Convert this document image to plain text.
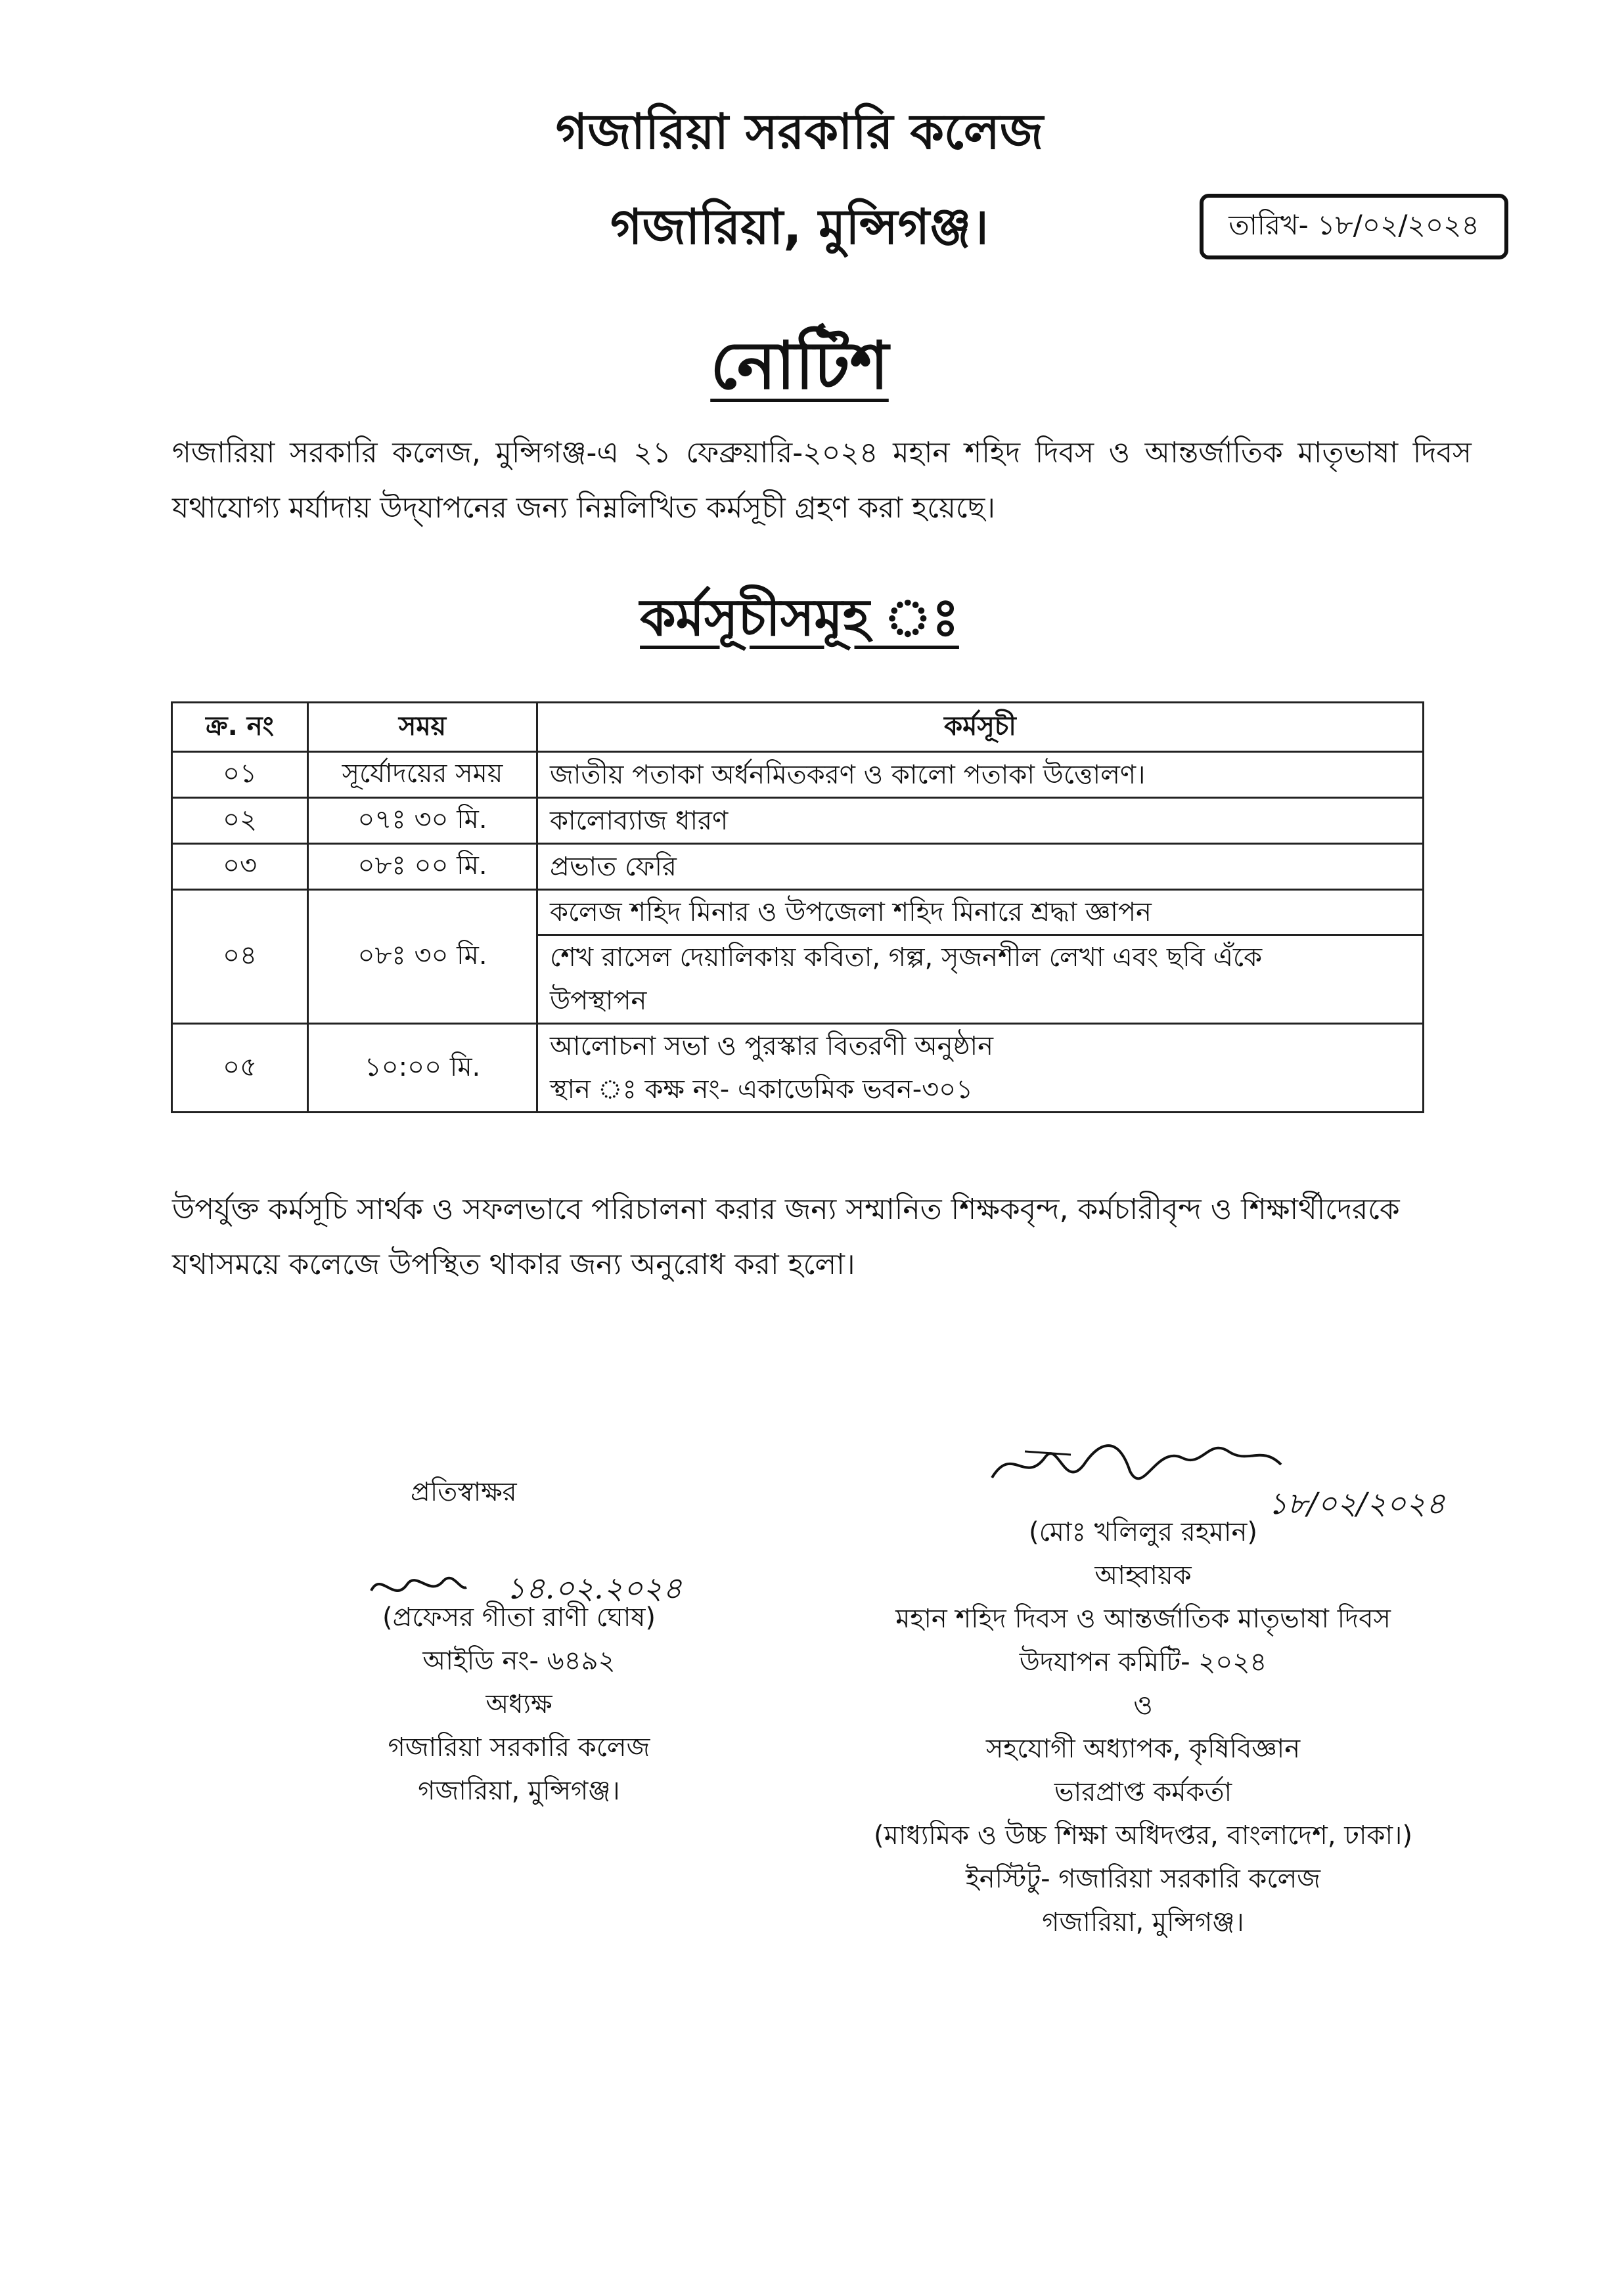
গজারিয়া সরকারি কলেজ
গজারিয়া, মুন্সিগঞ্জ।	তারিখ- ১৮/০২/২০২৪
নোটিশ
গজারিয়া সরকারি কলেজ, মুন্সিগঞ্জ-এ ২১ ফেব্রুয়ারি-২০২৪ মহান শহিদ দিবস ও আন্তর্জাতিক মাতৃভাষা দিবস যথাযোগ্য মর্যাদায় উদ্‌যাপনের জন্য নিম্নলিখিত কর্মসূচী গ্রহণ করা হয়েছে।
কর্মসূচীসমূহ ঃ
ক্র. নং	সময়	কর্মসূচী
০১	সূর্যোদয়ের সময়	জাতীয় পতাকা অর্ধনমিতকরণ ও কালো পতাকা উত্তোলণ।

০২	০৭ঃ ৩০ মি.	কালোব্যাজ ধারণ

০৩	০৮ঃ ০০ মি.	প্রভাত ফেরি

০৪	০৮ঃ ৩০ মি.	কলেজ শহিদ মিনার ও উপজেলা শহিদ মিনারে শ্রদ্ধা জ্ঞাপন
শেখ রাসেল দেয়ালিকায় কবিতা, গল্প, সৃজনশীল লেখা এবং ছবি এঁকে
উপস্থাপন

০৫	১০:০০ মি.	আলোচনা সভা ও পুরস্কার বিতরণী অনুষ্ঠান
স্থান ঃ কক্ষ নং- একাডেমিক ভবন-৩০১
উপর্যুক্ত কর্মসূচি সার্থক ও সফলভাবে পরিচালনা করার জন্য সম্মানিত শিক্ষকবৃন্দ, কর্মচারীবৃন্দ ও শিক্ষার্থীদেরকে যথাসময়ে কলেজে উপস্থিত থাকার জন্য অনুরোধ করা হলো।
১৮/০২/২০২৪
প্রতিস্বাক্ষর
১৪.০২.২০২৪
(প্রফেসর গীতা রাণী ঘোষ)
আইডি নং- ৬৪৯২
অধ্যক্ষ
গজারিয়া সরকারি কলেজ
গজারিয়া, মুন্সিগঞ্জ।
(মোঃ খলিলুর রহমান)
আহ্বায়ক
মহান শহিদ দিবস ও আন্তর্জাতিক মাতৃভাষা দিবস
উদযাপন কমিটি- ২০২৪
ও
সহযোগী অধ্যাপক, কৃষিবিজ্ঞান
ভারপ্রাপ্ত কর্মকর্তা
(মাধ্যমিক ও উচ্চ শিক্ষা অধিদপ্তর, বাংলাদেশ, ঢাকা।)
ইনস্টিটু- গজারিয়া সরকারি কলেজ
গজারিয়া, মুন্সিগঞ্জ।
